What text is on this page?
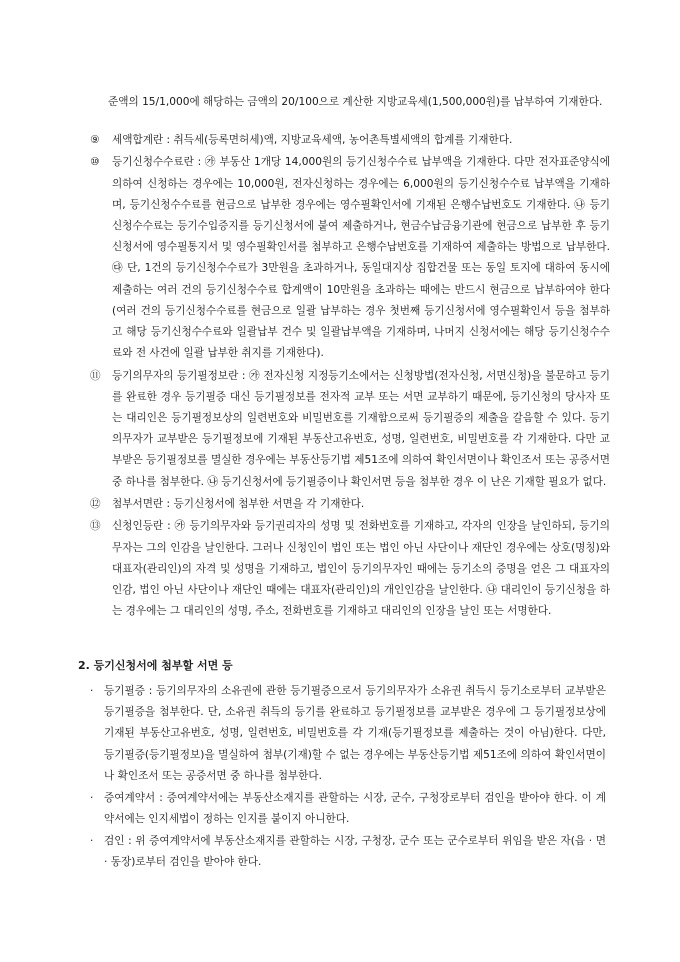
준액의 15/1,000에 해당하는 금액의 20/100으로 계산한 지방교육세(1,500,000원)를 납부하여 기재한다.
⑨	세액합계란 : 취득세(등록면허세)액, 지방교육세액, 농어촌특별세액의 합계를 기재한다.
⑩	등기신청수수료란 : ㉮ 부동산 1개당 14,000원의 등기신청수수료 납부액을 기재한다. 다만 전자표준양식에 의하여 신청하는 경우에는 10,000원, 전자신청하는 경우에는 6,000원의 등기신청수수료 납부액을 기재하며, 등기신청수수료를 현금으로 납부한 경우에는 영수필확인서에 기재된 은행수납번호도 기재한다. ㉯ 등기신청수수료는 등기수입증지를 등기신청서에 붙여 제출하거나, 현금수납금융기관에 현금으로 납부한 후 등기신청서에 영수필통지서 및 영수필확인서를 첨부하고 은행수납번호를 기재하여 제출하는 방법으로 납부한다. ㉰ 단, 1건의 등기신청수수료가 3만원을 초과하거나, 동일대지상 집합건물 또는 동일 토지에 대하여 동시에 제출하는 여러 건의 등기신청수수료 합계액이 10만원을 초과하는 때에는 반드시 현금으로 납부하여야 한다(여러 건의 등기신청수수료를 현금으로 일괄 납부하는 경우 첫번째 등기신청서에 영수필확인서 등을 첨부하고 해당 등기신청수수료와 일괄납부 건수 및 일괄납부액을 기재하며, 나머지 신청서에는 해당 등기신청수수료와 전 사건에 일괄 납부한 취지를 기재한다).
⑪	등기의무자의 등기필정보란 : ㉮ 전자신청 지정등기소에서는 신청방법(전자신청, 서면신청)을 불문하고 등기를 완료한 경우 등기필증 대신 등기필정보를 전자적 교부 또는 서면 교부하기 때문에, 등기신청의 당사자 또는 대리인은 등기필정보상의 일련번호와 비밀번호를 기재함으로써 등기필증의 제출을 갈음할 수 있다. 등기의무자가 교부받은 등기필정보에 기재된 부동산고유번호, 성명, 일련번호, 비밀번호를 각 기재한다. 다만 교부받은 등기필정보를 멸실한 경우에는 부동산등기법 제51조에 의하여 확인서면이나 확인조서 또는 공증서면 중 하나를 첨부한다. ㉯ 등기신청서에 등기필증이나 확인서면 등을 첨부한 경우 이 난은 기재할 필요가 없다.
⑫	첨부서면란 : 등기신청서에 첨부한 서면을 각 기재한다.
⑬	신청인등란 : ㉮ 등기의무자와 등기권리자의 성명 및 전화번호를 기재하고, 각자의 인장을 날인하되, 등기의무자는 그의 인감을 날인한다. 그러나 신청인이 법인 또는 법인 아닌 사단이나 재단인 경우에는 상호(명칭)와 대표자(관리인)의 자격 및 성명을 기재하고, 법인이 등기의무자인 때에는 등기소의 증명을 얻은 그 대표자의 인감, 법인 아닌 사단이나 재단인 때에는 대표자(관리인)의 개인인감을 날인한다. ㉯ 대리인이 등기신청을 하는 경우에는 그 대리인의 성명, 주소, 전화번호를 기재하고 대리인의 인장을 날인 또는 서명한다.
2. 등기신청서에 첨부할 서면 등
·	등기필증 : 등기의무자의 소유권에 관한 등기필증으로서 등기의무자가 소유권 취득시 등기소로부터 교부받은 등기필증을 첨부한다. 단, 소유권 취득의 등기를 완료하고 등기필정보를 교부받은 경우에 그 등기필정보상에 기재된 부동산고유번호, 성명, 일련번호, 비밀번호를 각 기재(등기필정보를 제출하는 것이 아님)한다. 다만, 등기필증(등기필정보)을 멸실하여 첨부(기재)할 수 없는 경우에는 부동산등기법 제51조에 의하여 확인서면이나 확인조서 또는 공증서면 중 하나를 첨부한다.
·	증여계약서 : 증여계약서에는 부동산소재지를 관할하는 시장, 군수, 구청장로부터 검인을 받아야 한다. 이 계약서에는 인지세법이 정하는 인지를 붙이지 아니한다.
·	검인 : 위 증여계약서에 부동산소재지를 관할하는 시장, 구청장, 군수 또는 군수로부터 위임을 받은 자(읍 · 면 · 동장)로부터 검인을 받아야 한다.
